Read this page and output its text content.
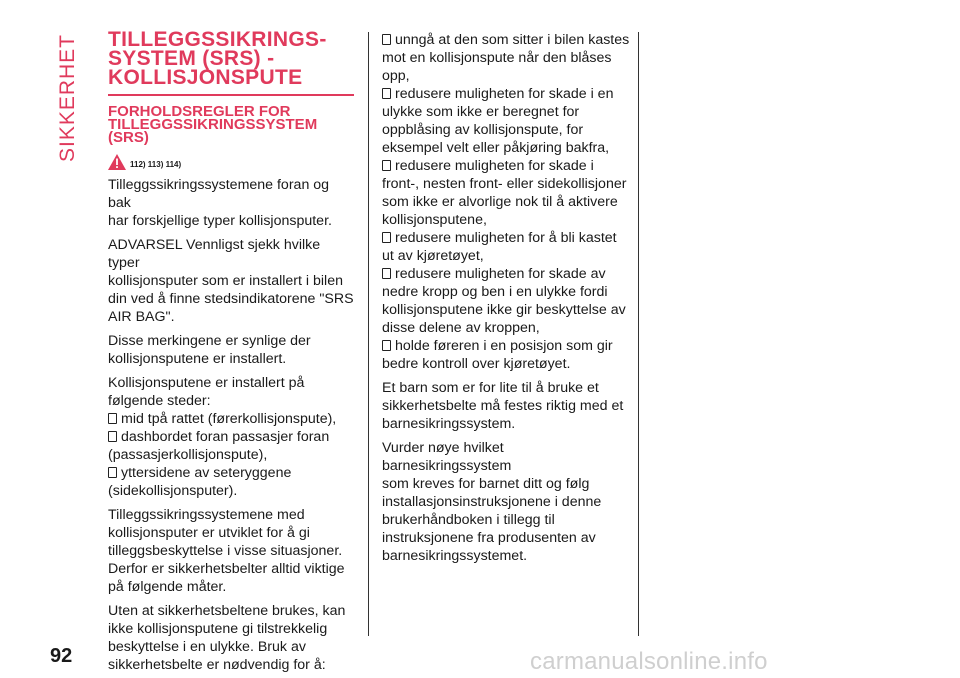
SIKKERHET TILLEGGSSIKRINGS-
SYSTEM (SRS) -
KOLLISJONSPUTE
FORHOLDSREGLER FOR
TILLEGGSSIKRINGSSYSTEM
(SRS)
112) 113) 114)

Tilleggssikringssystemene foran og bak

har forskjellige typer kollisjonsputer.

ADVARSEL Vennligst sjekk hvilke typer

kollisjonsputer som er installert i bilen

din ved å finne stedsindikatorene "SRS

AIR BAG".

Disse merkingene er synlige der

kollisjonsputene er installert.

Kollisjonsputene er installert på

følgende steder:

mid tpå rattet (førerkollisjonspute),

dashbordet foran passasjer foran

(passasjerkollisjonspute),

yttersidene av seteryggene

(sidekollisjonsputer).

Tilleggssikringssystemene med

kollisjonsputer er utviklet for å gi

tilleggsbeskyttelse i visse situasjoner.

Derfor er sikkerhetsbelter alltid viktige

på følgende måter.

Uten at sikkerhetsbeltene brukes, kan

ikke kollisjonsputene gi tilstrekkelig

beskyttelse i en ulykke. Bruk av

sikkerhetsbelte er nødvendig for å:

unngå at den som sitter i bilen kastes

mot en kollisjonspute når den blåses

opp,

redusere muligheten for skade i en

ulykke som ikke er beregnet for

oppblåsing av kollisjonspute, for

eksempel velt eller påkjøring bakfra,

redusere muligheten for skade i

front-, nesten front- eller sidekollisjoner

som ikke er alvorlige nok til å aktivere

kollisjonsputene,

redusere muligheten for å bli kastet

ut av kjøretøyet,

redusere muligheten for skade av

nedre kropp og ben i en ulykke fordi

kollisjonsputene ikke gir beskyttelse av

disse delene av kroppen,

holde føreren i en posisjon som gir

bedre kontroll over kjøretøyet.

Et barn som er for lite til å bruke et

sikkerhetsbelte må festes riktig med et

barnesikringssystem.

Vurder nøye hvilket barnesikringssystem

som kreves for barnet ditt og følg

installasjonsinstruksjonene i denne

brukerhåndboken i tillegg til

instruksjonene fra produsenten av

barnesikringssystemet.

92	carmanualsonline.info
